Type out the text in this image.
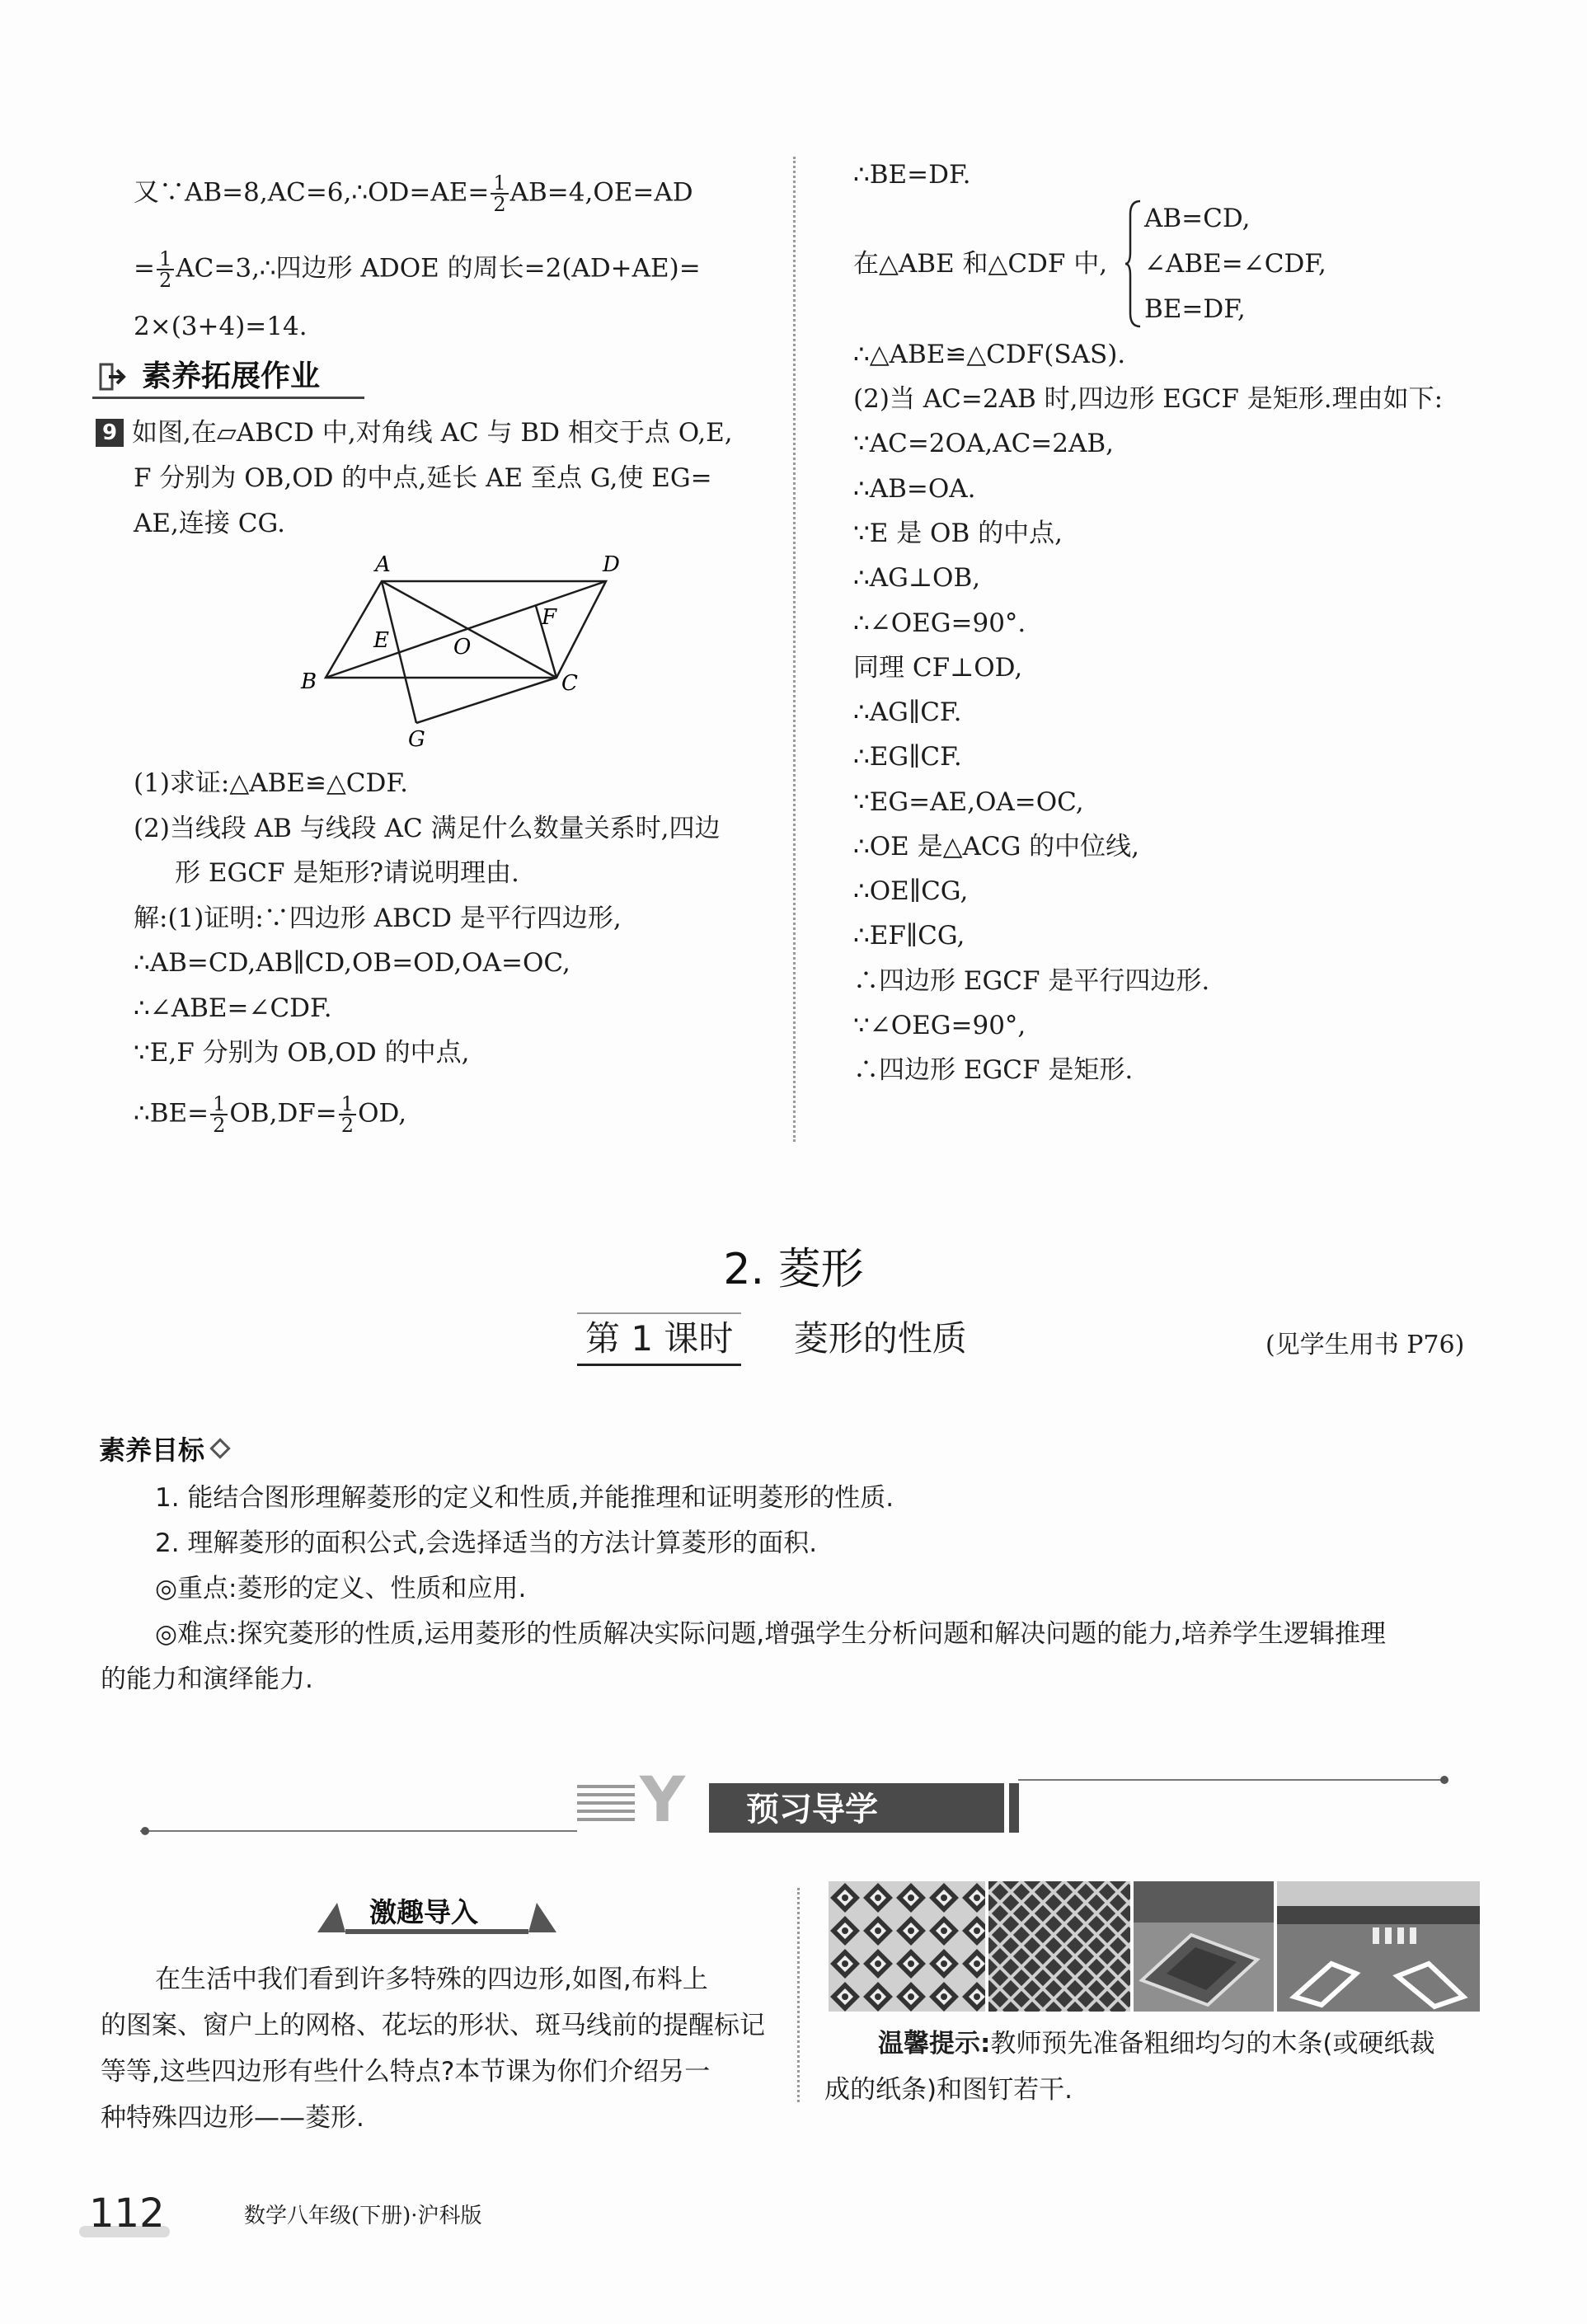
又∵AB=8,AC=6,∴OD=AE= $\frac{1}{2} AB=4,OE=AD$
= $\frac{1}{2}$ AC=3,∴四边形 ADOE 的周长=2(AD+AE)=
2×(3+4)=14.
素养拓展作业
9 如图,在▱ABCD 中,对角线 AC 与 BD 相交于点 O,E,
F 分别为 OB,OD 的中点,延长 AE 至点 G,使 EG=
AE,连接 CG.
A	D
B	C
E
F
O
G
(1)求证:△ABE≌△CDF.
(2)当线段 AB 与线段 AC 满足什么数量关系时,四边
形 EGCF 是矩形?请说明理由.
解:(1)证明:∵四边形 ABCD 是平行四边形,
∴AB=CD,AB∥CD,OB=OD,OA=OC,
∴∠ABE=∠CDF.
∵E,F 分别为 OB,OD 的中点,
∴BE= $\frac{1}{2} OB,DF= \frac{1}{2}$ OD,
∴BE=DF.
在△ABE 和△CDF 中,
AB=CD,
∠ABE=∠CDF,
BE=DF,
∴△ABE≌△CDF(SAS).
(2)当 AC=2AB 时,四边形 EGCF 是矩形.理由如下:
∵AC=2OA,AC=2AB,
∴AB=OA.
∵E 是 OB 的中点,
∴AG⊥OB,
∴∠OEG=90°.
同理 CF⊥OD,
∴AG∥CF.
∴EG∥CF.
∵EG=AE,OA=OC,
∴OE 是△ACG 的中位线,
∴OE∥CG,
∴EF∥CG,
∴四边形 EGCF 是平行四边形.
∵∠OEG=90°,
∴四边形 EGCF 是矩形.
2. 菱形
第 1 课时 菱形的性质	(见学生用书 P76)
素养目标
1. 能结合图形理解菱形的定义和性质,并能推理和证明菱形的性质.
2. 理解菱形的面积公式,会选择适当的方法计算菱形的面积.
◎重点:菱形的定义、性质和应用.
◎难点:探究菱形的性质,运用菱形的性质解决实际问题,增强学生分析问题和解决问题的能力,培养学生逻辑推理
的能力和演绎能力.
Y 预习导学
激趣导入
在生活中我们看到许多特殊的四边形,如图,布料上
的图案、窗户上的网格、花坛的形状、斑马线前的提醒标记
等等,这些四边形有些什么特点?本节课为你们介绍另一
种特殊四边形——菱形.
温馨提示:教师预先准备粗细均匀的木条(或硬纸裁
成的纸条)和图钉若干.
112	数学八年级(下册)·沪科版
